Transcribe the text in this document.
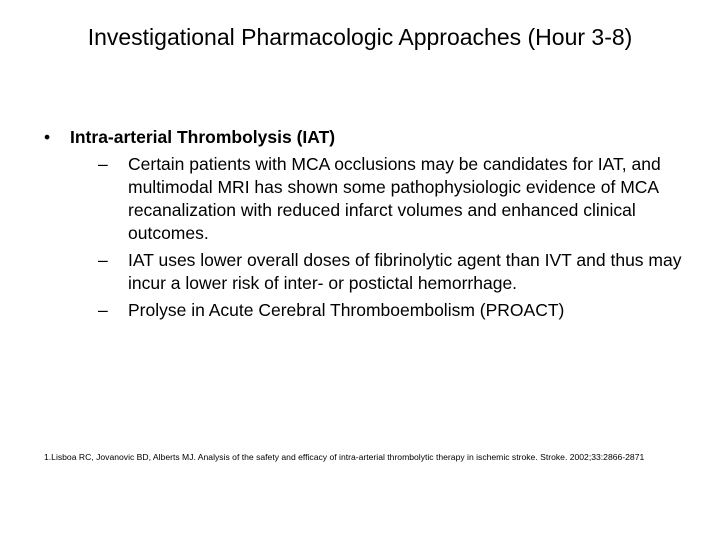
Investigational Pharmacologic Approaches (Hour 3-8)
• Intra-arterial Thrombolysis (IAT)
– Certain patients with MCA occlusions may be candidates for IAT, and multimodal MRI has shown some pathophysiologic evidence of MCA recanalization with reduced infarct volumes and enhanced clinical outcomes.
– IAT uses lower overall doses of fibrinolytic agent than IVT and thus may incur a lower risk of inter- or postictal hemorrhage.
– Prolyse in Acute Cerebral Thromboembolism (PROACT)
1.Lisboa RC, Jovanovic BD, Alberts MJ. Analysis of the safety and efficacy of intra-arterial thrombolytic therapy in ischemic stroke. Stroke. 2002;33:2866-2871
